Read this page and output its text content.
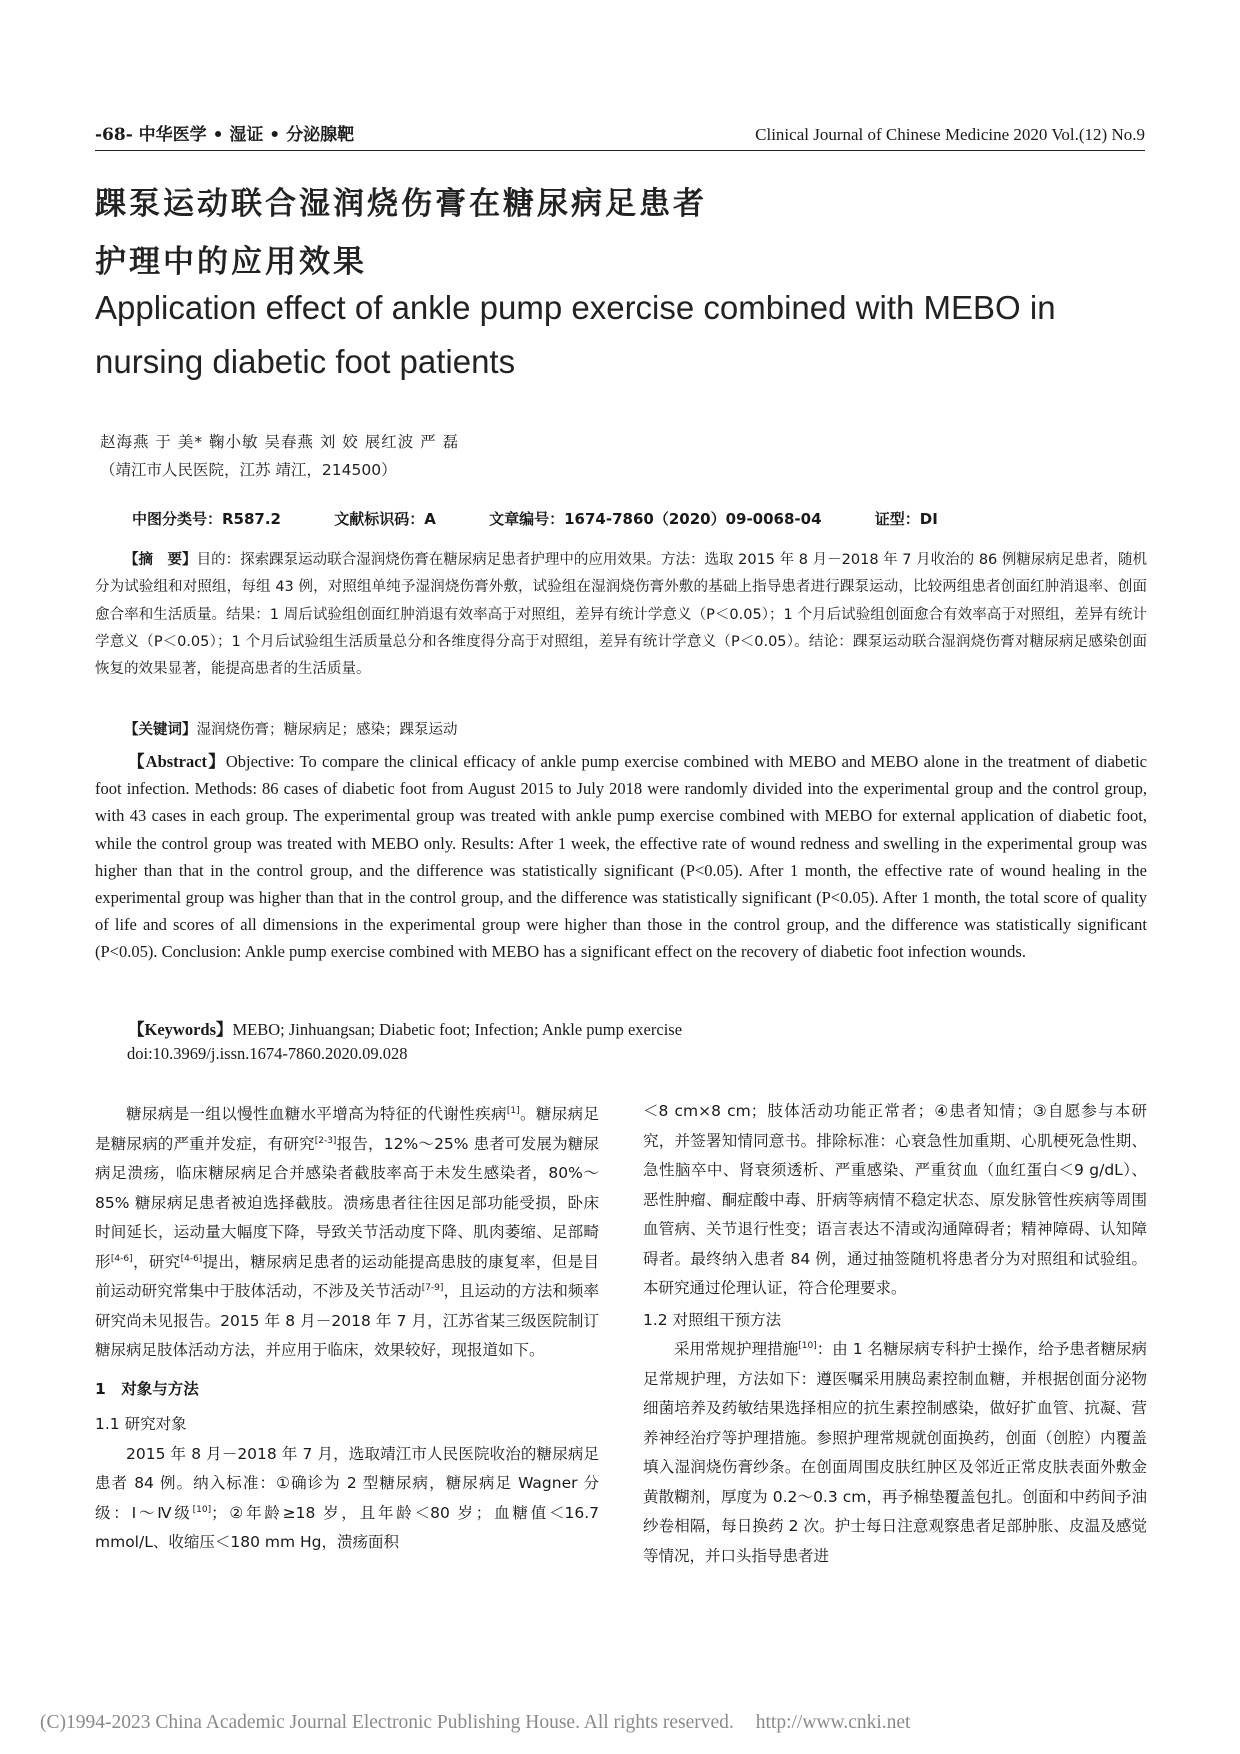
-68- 中华医学 • 湿证 • 分泌腺靶	Clinical Journal of Chinese Medicine 2020 Vol.(12) No.9
踝泵运动联合湿润烧伤膏在糖尿病足患者
护理中的应用效果
Application effect of ankle pump exercise combined with MEBO in
nursing diabetic foot patients
赵海燕 于 美* 鞠小敏 吴春燕 刘 姣 展红波 严 磊
（靖江市人民医院，江苏 靖江，214500）
中图分类号：R587.2	文献标识码：A	文章编号：1674-7860（2020）09-0068-04	证型：DI
【摘　要】目的：探索踝泵运动联合湿润烧伤膏在糖尿病足患者护理中的应用效果。方法：选取 2015 年 8 月－2018 年 7 月收治的 86 例糖尿病足患者，随机分为试验组和对照组，每组 43 例，对照组单纯予湿润烧伤膏外敷，试验组在湿润烧伤膏外敷的基础上指导患者进行踝泵运动，比较两组患者创面红肿消退率、创面愈合率和生活质量。结果：1 周后试验组创面红肿消退有效率高于对照组，差异有统计学意义（P＜0.05）；1 个月后试验组创面愈合有效率高于对照组，差异有统计学意义（P＜0.05）；1 个月后试验组生活质量总分和各维度得分高于对照组，差异有统计学意义（P＜0.05）。结论：踝泵运动联合湿润烧伤膏对糖尿病足感染创面恢复的效果显著，能提高患者的生活质量。
【关键词】湿润烧伤膏；糖尿病足；感染；踝泵运动
【Abstract】Objective: To compare the clinical efficacy of ankle pump exercise combined with MEBO and MEBO alone in the treatment of diabetic foot infection. Methods: 86 cases of diabetic foot from August 2015 to July 2018 were randomly divided into the experimental group and the control group, with 43 cases in each group. The experimental group was treated with ankle pump exercise combined with MEBO for external application of diabetic foot, while the control group was treated with MEBO only. Results: After 1 week, the effective rate of wound redness and swelling in the experimental group was higher than that in the control group, and the difference was statistically significant (P<0.05). After 1 month, the effective rate of wound healing in the experimental group was higher than that in the control group, and the difference was statistically significant (P<0.05). After 1 month, the total score of quality of life and scores of all dimensions in the experimental group were higher than those in the control group, and the difference was statistically significant (P<0.05). Conclusion: Ankle pump exercise combined with MEBO has a significant effect on the recovery of diabetic foot infection wounds.
【Keywords】MEBO; Jinhuangsan; Diabetic foot; Infection; Ankle pump exercise
doi:10.3969/j.issn.1674-7860.2020.09.028

糖尿病是一组以慢性血糖水平增高为特征的代谢性疾病[1]。糖尿病足是糖尿病的严重并发症，有研究[2-3]报告，12%～25% 患者可发展为糖尿病足溃疡，临床糖尿病足合并感染者截肢率高于未发生感染者，80%～85% 糖尿病足患者被迫选择截肢。溃疡患者往往因足部功能受损，卧床时间延长，运动量大幅度下降，导致关节活动度下降、肌肉萎缩、足部畸形[4-6]，研究[4-6]提出，糖尿病足患者的运动能提高患肢的康复率，但是目前运动研究常集中于肢体活动，不涉及关节活动[7-9]，且运动的方法和频率研究尚未见报告。2015 年 8 月－2018 年 7 月，江苏省某三级医院制订糖尿病足肢体活动方法，并应用于临床，效果较好，现报道如下。

1　对象与方法
1.1 研究对象

2015 年 8 月－2018 年 7 月，选取靖江市人民医院收治的糖尿病足患者 84 例。纳入标准：①确诊为 2 型糖尿病，糖尿病足 Wagner 分级：Ⅰ～Ⅳ级[10]；②年龄≥18 岁，且年龄＜80 岁；血糖值＜16.7 mmol/L、收缩压＜180 mm Hg，溃疡面积

＜8 cm×8 cm；肢体活动功能正常者；④患者知情；③自愿参与本研究，并签署知情同意书。排除标准：心衰急性加重期、心肌梗死急性期、急性脑卒中、肾衰须透析、严重感染、严重贫血（血红蛋白＜9 g/dL）、恶性肿瘤、酮症酸中毒、肝病等病情不稳定状态、原发脉管性疾病等周围血管病、关节退行性变；语言表达不清或沟通障碍者；精神障碍、认知障碍者。最终纳入患者 84 例，通过抽签随机将患者分为对照组和试验组。本研究通过伦理认证，符合伦理要求。

1.2 对照组干预方法

采用常规护理措施[10]：由 1 名糖尿病专科护士操作，给予患者糖尿病足常规护理，方法如下：遵医嘱采用胰岛素控制血糖，并根据创面分泌物细菌培养及药敏结果选择相应的抗生素控制感染，做好扩血管、抗凝、营养神经治疗等护理措施。参照护理常规就创面换药，创面（创腔）内覆盖填入湿润烧伤膏纱条。在创面周围皮肤红肿区及邻近正常皮肤表面外敷金黄散糊剂，厚度为 0.2～0.3 cm，再予棉垫覆盖包扎。创面和中药间予油纱卷相隔，每日换药 2 次。护士每日注意观察患者足部肿胀、皮温及感觉等情况，并口头指导患者进

(C)1994-2023 China Academic Journal Electronic Publishing House. All rights reserved. http://www.cnki.net
